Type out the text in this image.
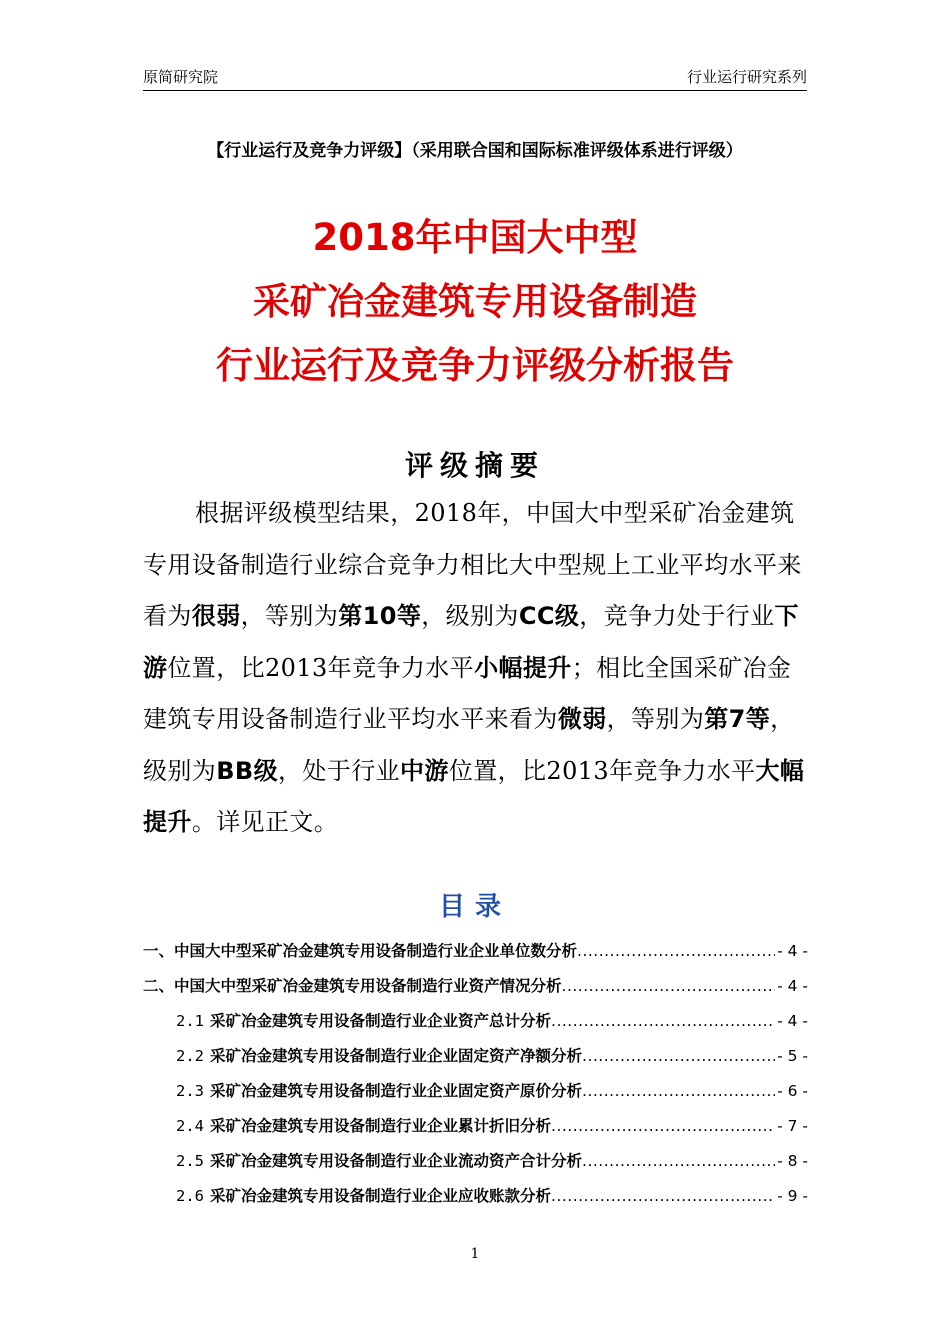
原简研究院	行业运行研究系列
【行业运行及竞争力评级】（采用联合国和国际标准评级体系进行评级）
2018年中国大中型
采矿冶金建筑专用设备制造
行业运行及竞争力评级分析报告
评级摘要
根据评级模型结果，2018年，中国大中型采矿冶金建筑专用设备制造行业综合竞争力相比大中型规上工业平均水平来看为很弱，等别为第10等，级别为CC级，竞争力处于行业下游位置，比2013年竞争力水平小幅提升；相比全国采矿冶金建筑专用设备制造行业平均水平来看为微弱，等别为第7等，级别为BB级，处于行业中游位置，比2013年竞争力水平大幅提升。详见正文。
目录
一、中国大中型采矿冶金建筑专用设备制造行业企业单位数分析 .....	- 4 -
二、中国大中型采矿冶金建筑专用设备制造行业资产情况分析 .....	- 4 -
2.1 采矿冶金建筑专用设备制造行业企业资产总计分析 .....	- 4 -
2.2 采矿冶金建筑专用设备制造行业企业固定资产净额分析 .....	- 5 -
2.3 采矿冶金建筑专用设备制造行业企业固定资产原价分析 .....	- 6 -
2.4 采矿冶金建筑专用设备制造行业企业累计折旧分析 .....	- 7 -
2.5 采矿冶金建筑专用设备制造行业企业流动资产合计分析 .....	- 8 -
2.6 采矿冶金建筑专用设备制造行业企业应收账款分析 .....	- 9 -
1
